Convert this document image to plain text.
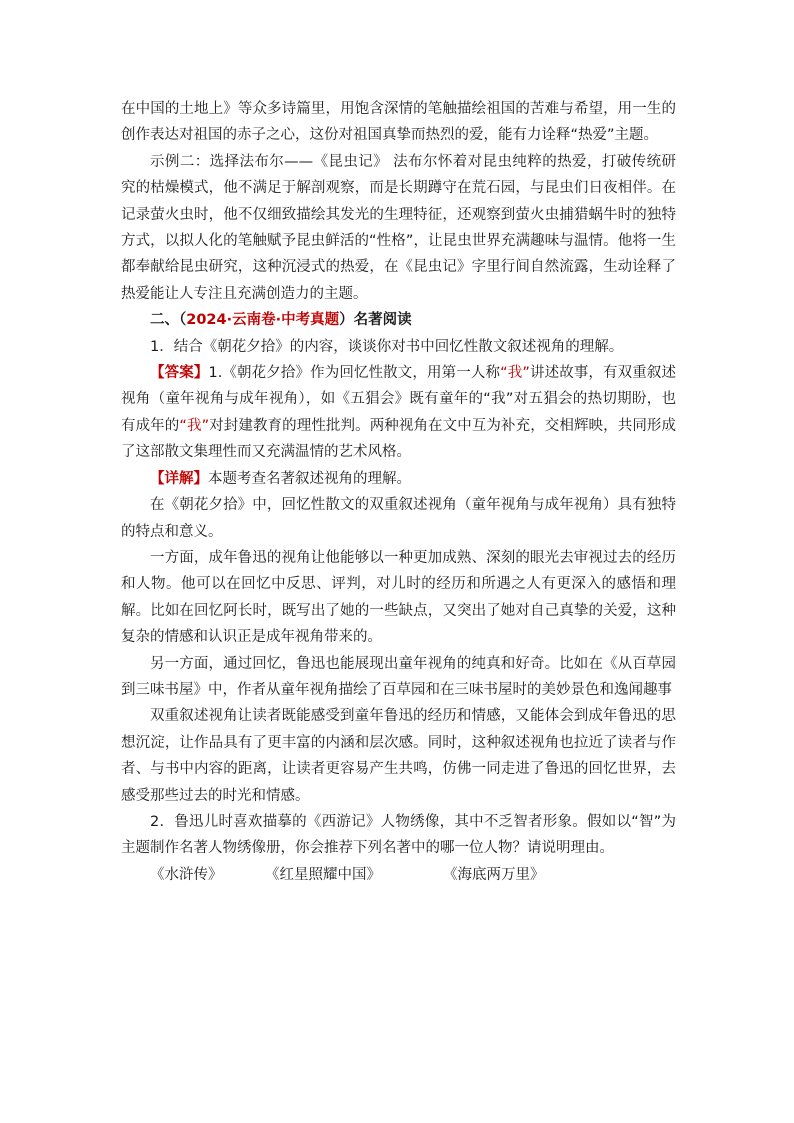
在中国的土地上》等众多诗篇里，用饱含深情的笔触描绘祖国的苦难与希望，用一生的创作表达对祖国的赤子之心，这份对祖国真挚而热烈的爱，能有力诠释“热爱”主题。

示例二：选择法布尔——《昆虫记》 法布尔怀着对昆虫纯粹的热爱，打破传统研究的枯燥模式，他不满足于解剖观察，而是长期蹲守在荒石园，与昆虫们日夜相伴。在记录萤火虫时，他不仅细致描绘其发光的生理特征，还观察到萤火虫捕猎蜗牛时的独特方式，以拟人化的笔触赋予昆虫鲜活的“性格”，让昆虫世界充满趣味与温情。他将一生都奉献给昆虫研究，这种沉浸式的热爱，在《昆虫记》字里行间自然流露，生动诠释了热爱能让人专注且充满创造力的主题。

二、（2024·云南卷·中考真题）名著阅读

1．结合《朝花夕拾》的内容，谈谈你对书中回忆性散文叙述视角的理解。

【答案】1.《朝花夕拾》作为回忆性散文，用第一人称“我”讲述故事，有双重叙述视角（童年视角与成年视角），如《五猖会》既有童年的“我”对五猖会的热切期盼，也有成年的“我”对封建教育的理性批判。两种视角在文中互为补充，交相辉映，共同形成了这部散文集理性而又充满温情的艺术风格。

【详解】本题考查名著叙述视角的理解。

在《朝花夕拾》中，回忆性散文的双重叙述视角（童年视角与成年视角）具有独特的特点和意义。

一方面，成年鲁迅的视角让他能够以一种更加成熟、深刻的眼光去审视过去的经历和人物。他可以在回忆中反思、评判，对儿时的经历和所遇之人有更深入的感悟和理解。比如在回忆阿长时，既写出了她的一些缺点，又突出了她对自己真挚的关爱，这种复杂的情感和认识正是成年视角带来的。

另一方面，通过回忆，鲁迅也能展现出童年视角的纯真和好奇。比如在《从百草园到三味书屋》中，作者从童年视角描绘了百草园和在三味书屋时的美妙景色和逸闻趣事

双重叙述视角让读者既能感受到童年鲁迅的经历和情感，又能体会到成年鲁迅的思想沉淀，让作品具有了更丰富的内涵和层次感。同时，这种叙述视角也拉近了读者与作者、与书中内容的距离，让读者更容易产生共鸣，仿佛一同走进了鲁迅的回忆世界，去感受那些过去的时光和情感。

2．鲁迅儿时喜欢描摹的《西游记》人物绣像，其中不乏智者形象。假如以“智”为主题制作名著人物绣像册，你会推荐下列名著中的哪一位人物？请说明理由。

《水浒传》	《红星照耀中国》	《海底两万里》
